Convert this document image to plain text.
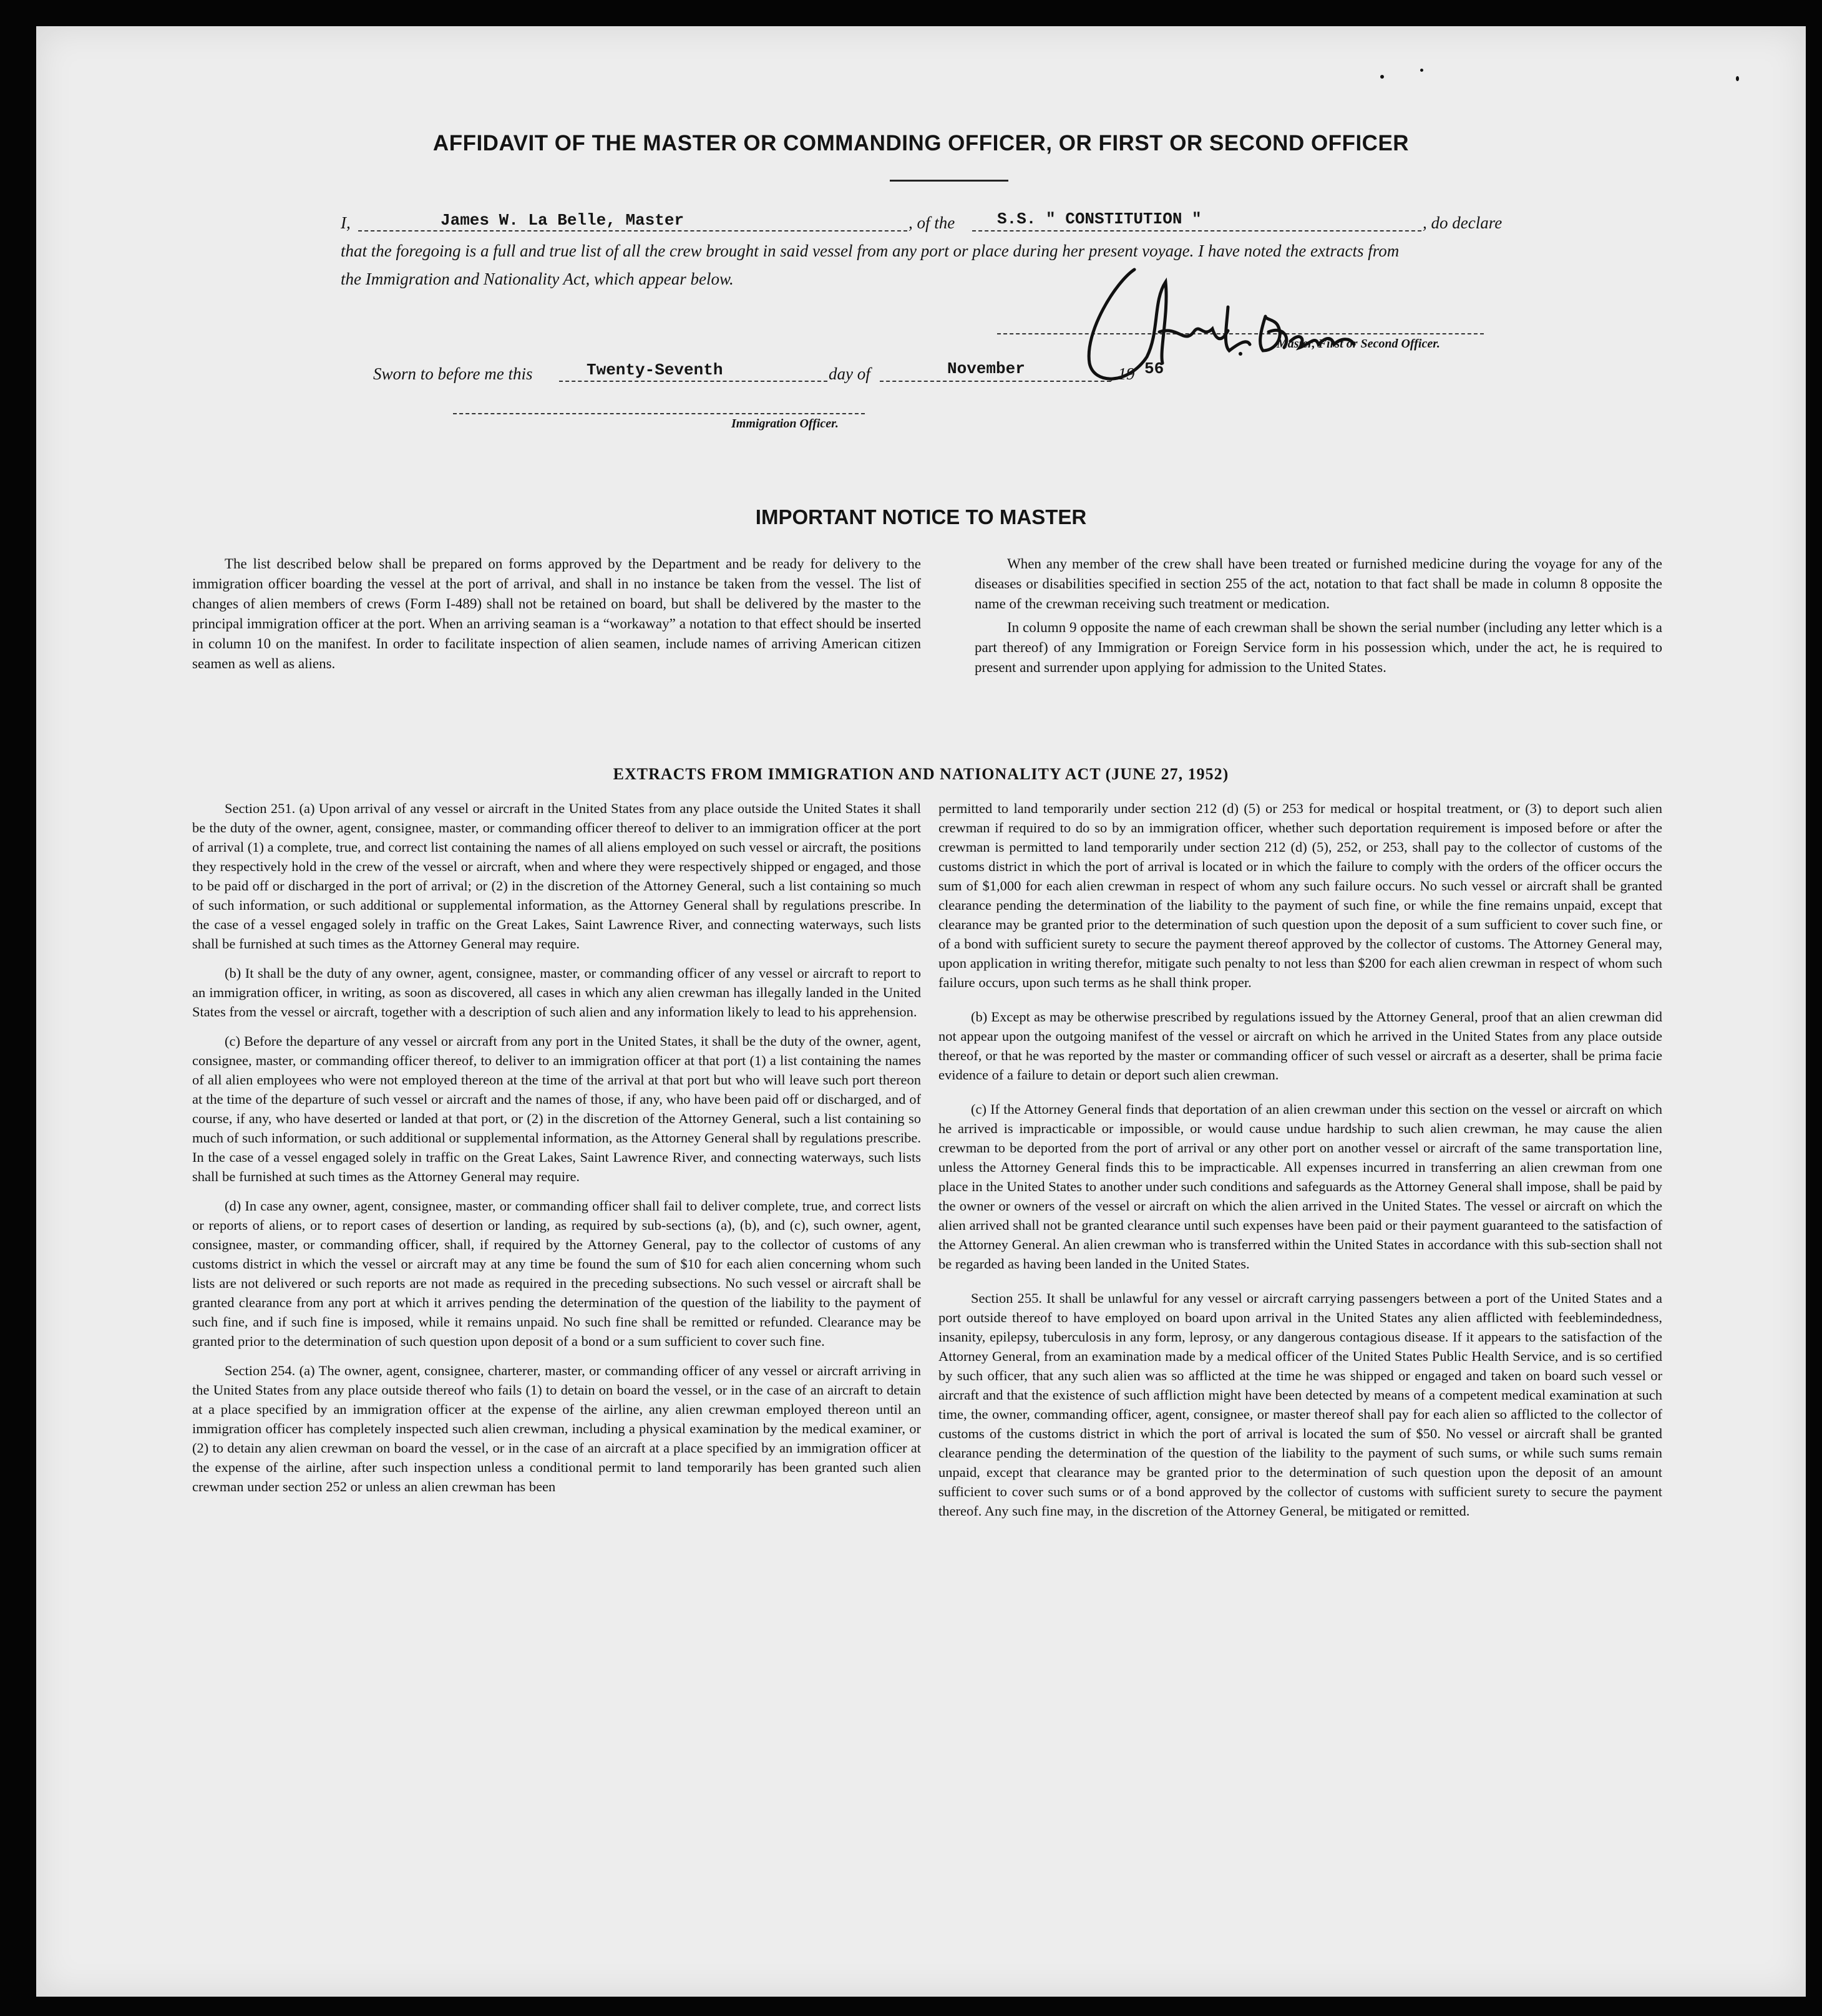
AFFIDAVIT OF THE MASTER OR COMMANDING OFFICER, OR FIRST OR SECOND OFFICER
I,	James W. La Belle, Master	, of the	S.S. " CONSTITUTION "	, do declare
that the foregoing is a full and true list of all the crew brought in said vessel from any port or place during her present voyage. I have noted the extracts from
the Immigration and Nationality Act, which appear below.
Master, First or Second Officer.
Sworn to before me this	Twenty-Seventh	day of	November	, 19 56
Immigration Officer.
IMPORTANT NOTICE TO MASTER

The list described below shall be prepared on forms approved by the Department and be ready for delivery to the immigration officer boarding the vessel at the port of arrival, and shall in no instance be taken from the vessel. The list of changes of alien members of crews (Form I-489) shall not be retained on board, but shall be delivered by the master to the principal immigration officer at the port. When an arriving seaman is a “workaway” a notation to that effect should be inserted in column 10 on the manifest. In order to facilitate inspection of alien seamen, include names of arriving American citizen seamen as well as aliens.

When any member of the crew shall have been treated or furnished medicine during the voyage for any of the diseases or disabilities specified in section 255 of the act, notation to that fact shall be made in column 8 opposite the name of the crewman receiving such treatment or medication.

In column 9 opposite the name of each crewman shall be shown the serial number (including any letter which is a part thereof) of any Immigration or Foreign Service form in his possession which, under the act, he is required to present and surrender upon applying for admission to the United States.

EXTRACTS FROM IMMIGRATION AND NATIONALITY ACT (JUNE 27, 1952)

Section 251. (a) Upon arrival of any vessel or aircraft in the United States from any place outside the United States it shall be the duty of the owner, agent, consignee, master, or commanding officer thereof to deliver to an immigration officer at the port of arrival (1) a complete, true, and correct list containing the names of all aliens employed on such vessel or aircraft, the positions they respectively hold in the crew of the vessel or aircraft, when and where they were respectively shipped or engaged, and those to be paid off or discharged in the port of arrival; or (2) in the discretion of the Attorney General, such a list containing so much of such information, or such additional or supplemental information, as the Attorney General shall by regulations prescribe. In the case of a vessel engaged solely in traffic on the Great Lakes, Saint Lawrence River, and connecting waterways, such lists shall be furnished at such times as the Attorney General may require.

(b) It shall be the duty of any owner, agent, consignee, master, or commanding officer of any vessel or aircraft to report to an immigration officer, in writing, as soon as discovered, all cases in which any alien crewman has illegally landed in the United States from the vessel or aircraft, together with a description of such alien and any information likely to lead to his apprehension.

(c) Before the departure of any vessel or aircraft from any port in the United States, it shall be the duty of the owner, agent, consignee, master, or commanding officer thereof, to deliver to an immigration officer at that port (1) a list containing the names of all alien employees who were not employed thereon at the time of the arrival at that port but who will leave such port thereon at the time of the departure of such vessel or aircraft and the names of those, if any, who have been paid off or discharged, and of course, if any, who have deserted or landed at that port, or (2) in the discretion of the Attorney General, such a list containing so much of such information, or such additional or supplemental information, as the Attorney General shall by regulations prescribe. In the case of a vessel engaged solely in traffic on the Great Lakes, Saint Lawrence River, and connecting waterways, such lists shall be furnished at such times as the Attorney General may require.

(d) In case any owner, agent, consignee, master, or commanding officer shall fail to deliver complete, true, and correct lists or reports of aliens, or to report cases of desertion or landing, as required by sub-sections (a), (b), and (c), such owner, agent, consignee, master, or commanding officer, shall, if required by the Attorney General, pay to the collector of customs of any customs district in which the vessel or aircraft may at any time be found the sum of $10 for each alien concerning whom such lists are not delivered or such reports are not made as required in the preceding subsections. No such vessel or aircraft shall be granted clearance from any port at which it arrives pending the determination of the question of the liability to the payment of such fine, and if such fine is imposed, while it remains unpaid. No such fine shall be remitted or refunded. Clearance may be granted prior to the determination of such question upon deposit of a bond or a sum sufficient to cover such fine.

Section 254. (a) The owner, agent, consignee, charterer, master, or commanding officer of any vessel or aircraft arriving in the United States from any place outside thereof who fails (1) to detain on board the vessel, or in the case of an aircraft to detain at a place specified by an immigration officer at the expense of the airline, any alien crewman employed thereon until an immigration officer has completely inspected such alien crewman, including a physical examination by the medical examiner, or (2) to detain any alien crewman on board the vessel, or in the case of an aircraft at a place specified by an immigration officer at the expense of the airline, after such inspection unless a conditional permit to land temporarily has been granted such alien crewman under section 252 or unless an alien crewman has been

permitted to land temporarily under section 212 (d) (5) or 253 for medical or hospital treatment, or (3) to deport such alien crewman if required to do so by an immigration officer, whether such deportation requirement is imposed before or after the crewman is permitted to land temporarily under section 212 (d) (5), 252, or 253, shall pay to the collector of customs of the customs district in which the port of arrival is located or in which the failure to comply with the orders of the officer occurs the sum of $1,000 for each alien crewman in respect of whom any such failure occurs. No such vessel or aircraft shall be granted clearance pending the determination of the liability to the payment of such fine, or while the fine remains unpaid, except that clearance may be granted prior to the determination of such question upon the deposit of a sum sufficient to cover such fine, or of a bond with sufficient surety to secure the payment thereof approved by the collector of customs. The Attorney General may, upon application in writing therefor, mitigate such penalty to not less than $200 for each alien crewman in respect of whom such failure occurs, upon such terms as he shall think proper.

(b) Except as may be otherwise prescribed by regulations issued by the Attorney General, proof that an alien crewman did not appear upon the outgoing manifest of the vessel or aircraft on which he arrived in the United States from any place outside thereof, or that he was reported by the master or commanding officer of such vessel or aircraft as a deserter, shall be prima facie evidence of a failure to detain or deport such alien crewman.

(c) If the Attorney General finds that deportation of an alien crewman under this section on the vessel or aircraft on which he arrived is impracticable or impossible, or would cause undue hardship to such alien crewman, he may cause the alien crewman to be deported from the port of arrival or any other port on another vessel or aircraft of the same transportation line, unless the Attorney General finds this to be impracticable. All expenses incurred in transferring an alien crewman from one place in the United States to another under such conditions and safeguards as the Attorney General shall impose, shall be paid by the owner or owners of the vessel or aircraft on which the alien arrived in the United States. The vessel or aircraft on which the alien arrived shall not be granted clearance until such expenses have been paid or their payment guaranteed to the satisfaction of the Attorney General. An alien crewman who is transferred within the United States in accordance with this sub-section shall not be regarded as having been landed in the United States.

Section 255. It shall be unlawful for any vessel or aircraft carrying passengers between a port of the United States and a port outside thereof to have employed on board upon arrival in the United States any alien afflicted with feeblemindedness, insanity, epilepsy, tuberculosis in any form, leprosy, or any dangerous contagious disease. If it appears to the satisfaction of the Attorney General, from an examination made by a medical officer of the United States Public Health Service, and is so certified by such officer, that any such alien was so afflicted at the time he was shipped or engaged and taken on board such vessel or aircraft and that the existence of such affliction might have been detected by means of a competent medical examination at such time, the owner, commanding officer, agent, consignee, or master thereof shall pay for each alien so afflicted to the collector of customs of the customs district in which the port of arrival is located the sum of $50. No vessel or aircraft shall be granted clearance pending the determination of the question of the liability to the payment of such sums, or while such sums remain unpaid, except that clearance may be granted prior to the determination of such question upon the deposit of an amount sufficient to cover such sums or of a bond approved by the collector of customs with sufficient surety to secure the payment thereof. Any such fine may, in the discretion of the Attorney General, be mitigated or remitted.
